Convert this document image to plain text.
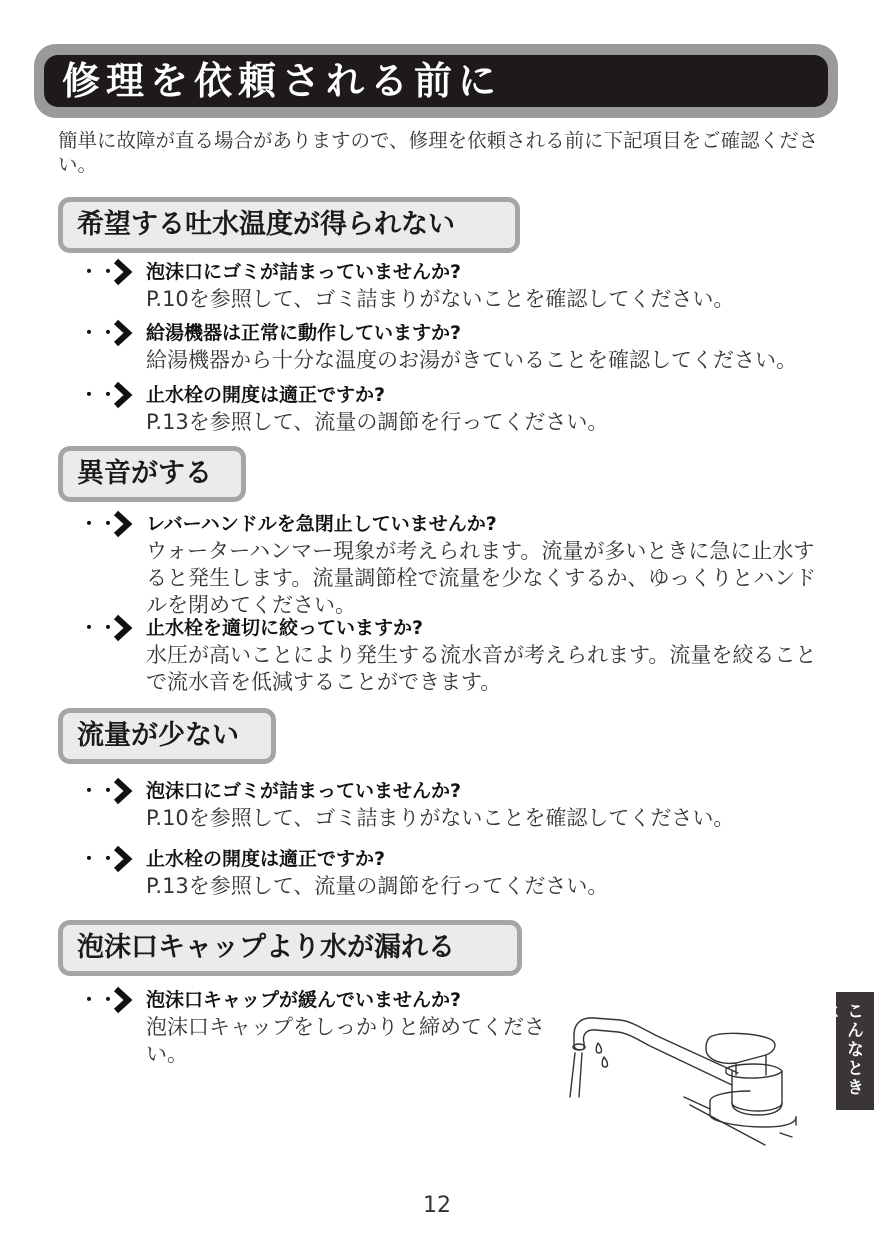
修理を依頼される前に
簡単に故障が直る場合がありますので、修理を依頼される前に下記項目をご確認ください。
希望する吐水温度が得られない
・・・ 泡沫口にゴミが詰まっていませんか?
P.10を参照して、ゴミ詰まりがないことを確認してください。
・・・ 給湯機器は正常に動作していますか?
給湯機器から十分な温度のお湯がきていることを確認してください。
・・・ 止水栓の開度は適正ですか?
P.13を参照して、流量の調節を行ってください。
異音がする
・・・ レバーハンドルを急閉止していませんか?
ウォーターハンマー現象が考えられます。流量が多いときに急に止水すると発生します。流量調節栓で流量を少なくするか、ゆっくりとハンドルを閉めてください。
・・・ 止水栓を適切に絞っていますか?
水圧が高いことにより発生する流水音が考えられます。流量を絞ることで流水音を低減することができます。
流量が少ない
・・・ 泡沫口にゴミが詰まっていませんか?
P.10を参照して、ゴミ詰まりがないことを確認してください。
・・・ 止水栓の開度は適正ですか?
P.13を参照して、流量の調節を行ってください。
泡沫口キャップより水が漏れる
・・・ 泡沫口キャップが緩んでいませんか?
泡沫口キャップをしっかりと締めてください。	こんなときは
12
